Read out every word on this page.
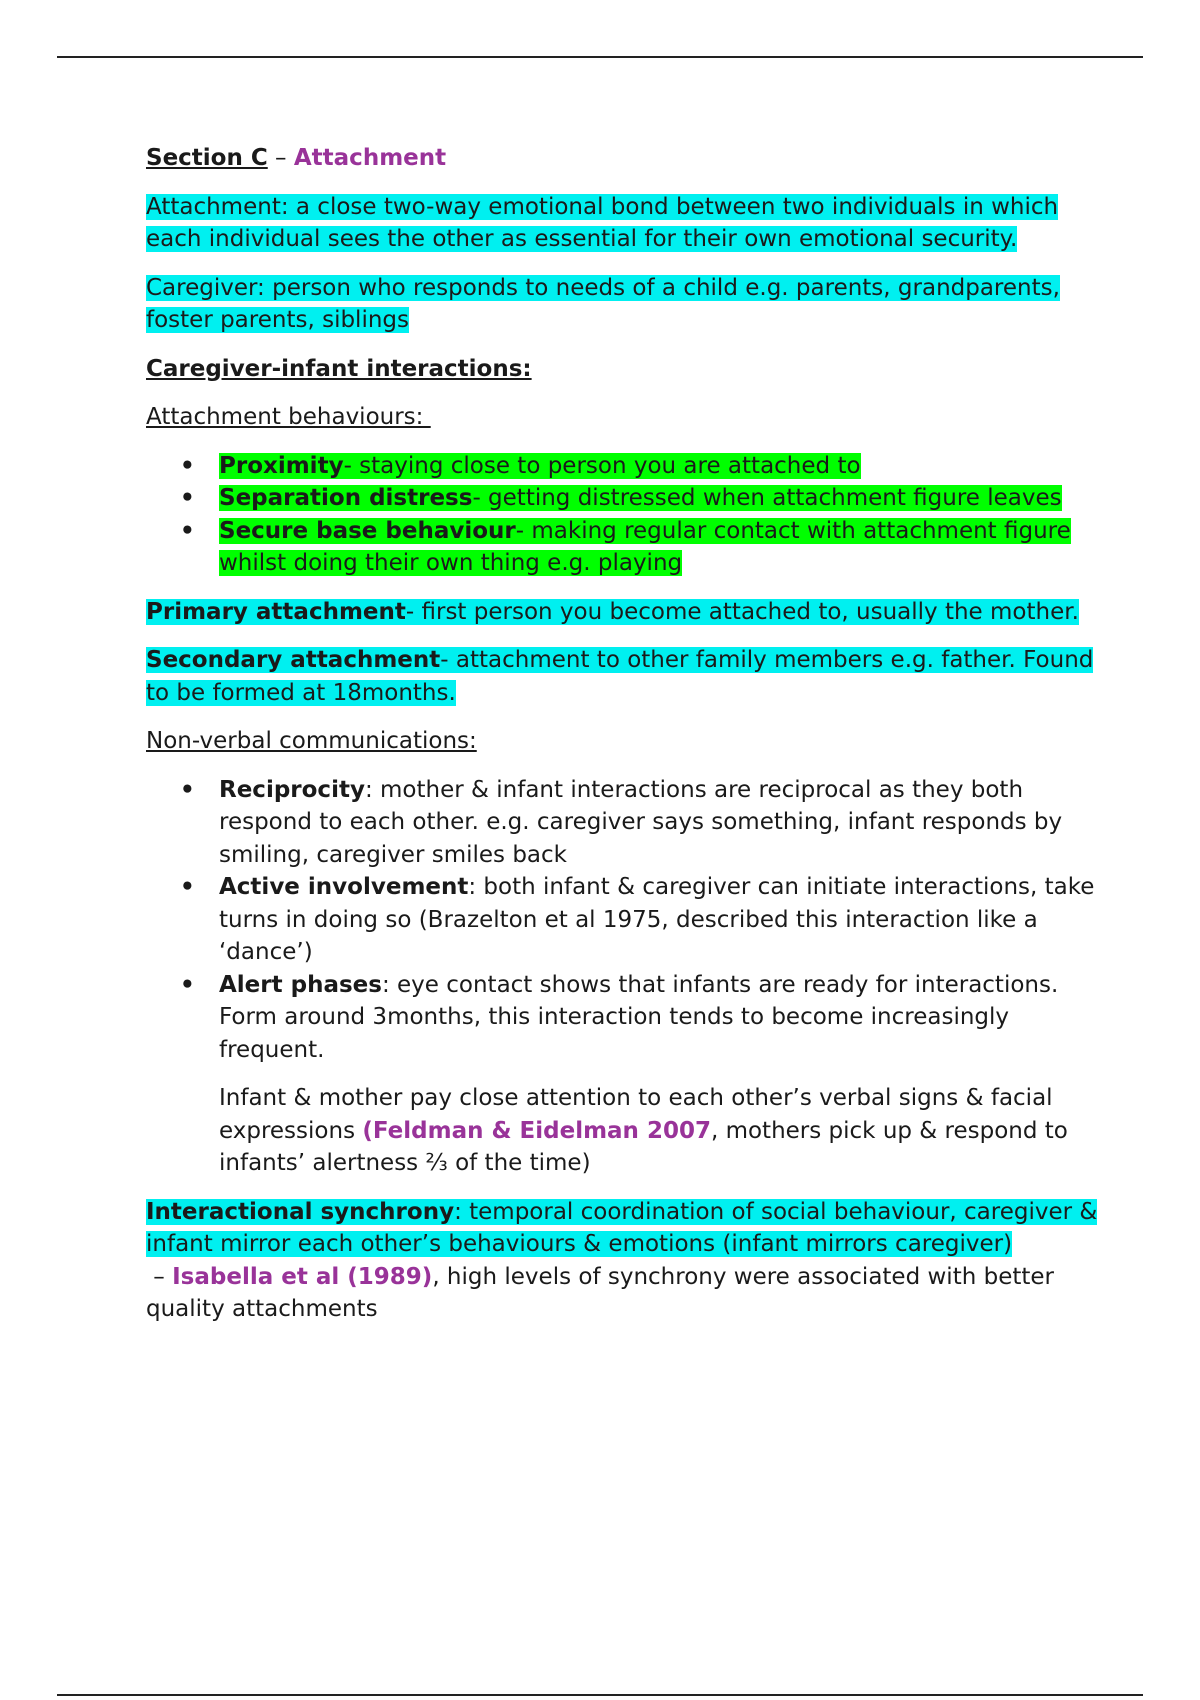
Section C – Attachment

Attachment: a close two-way emotional bond between two individuals in which each individual sees the other as essential for their own emotional security.

Caregiver: person who responds to needs of a child e.g. parents, grandparents, foster parents, siblings

Caregiver-infant interactions:

Attachment behaviours:

• Proximity- staying close to person you are attached to
• Separation distress- getting distressed when attachment figure leaves
• Secure base behaviour- making regular contact with attachment figure whilst doing their own thing e.g. playing

Primary attachment- first person you become attached to, usually the mother.

Secondary attachment- attachment to other family members e.g. father. Found to be formed at 18months.

Non-verbal communications:

• Reciprocity: mother & infant interactions are reciprocal as they both respond to each other. e.g. caregiver says something, infant responds by smiling, caregiver smiles back
• Active involvement: both infant & caregiver can initiate interactions, take turns in doing so (Brazelton et al 1975, described this interaction like a ‘dance’)
• Alert phases: eye contact shows that infants are ready for interactions. Form around 3months, this interaction tends to become increasingly frequent.

Infant & mother pay close attention to each other’s verbal signs & facial expressions (Feldman & Eidelman 2007, mothers pick up & respond to infants’ alertness ⅔ of the time)

Interactional synchrony: temporal coordination of social behaviour, caregiver & infant mirror each other’s behaviours & emotions (infant mirrors caregiver) – Isabella et al (1989), high levels of synchrony were associated with better quality attachments
